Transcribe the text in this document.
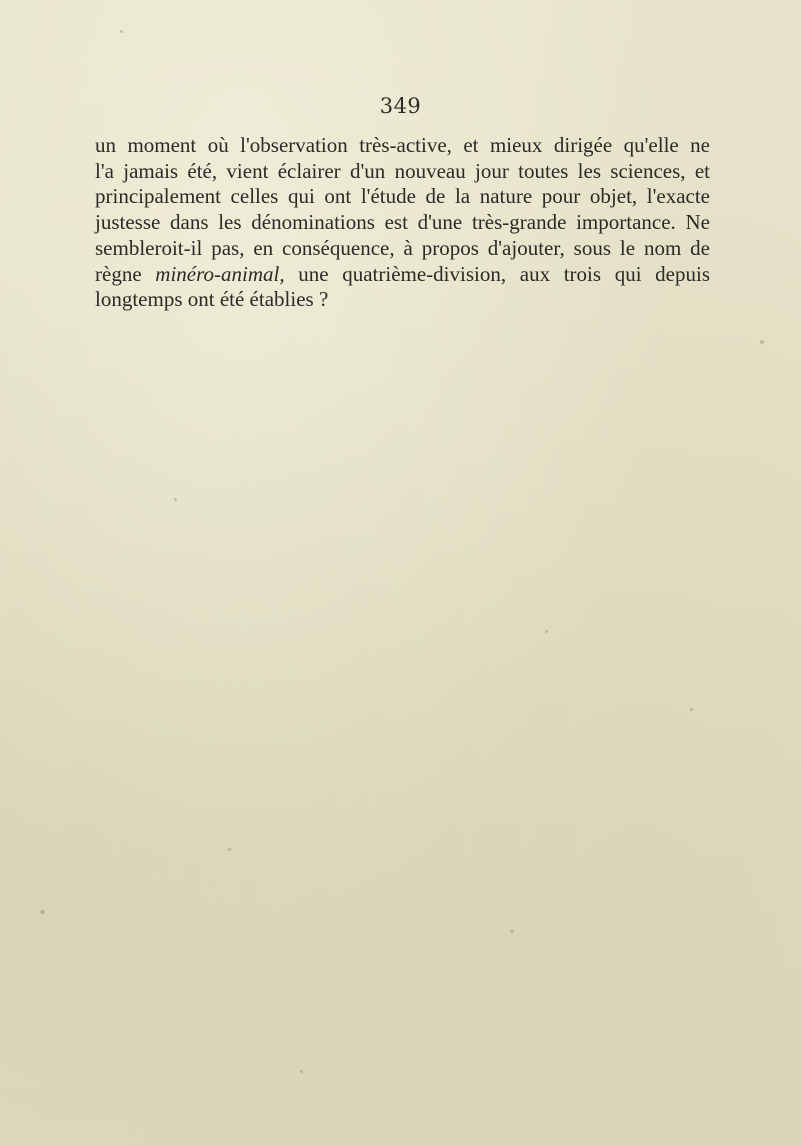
349
un moment où l'observation très-active, et mieux dirigée qu'elle ne
l'a jamais été, vient éclairer d'un nouveau jour toutes les sciences, et
principalement celles qui ont l'étude de la nature pour objet, l'exacte
justesse dans les dénominations est d'une très-grande importance. Ne
sembleroit-il pas, en conséquence, à propos d'ajouter, sous le nom de
règne minéro-animal, une quatrième-division, aux trois qui depuis
longtemps ont été établies ?
